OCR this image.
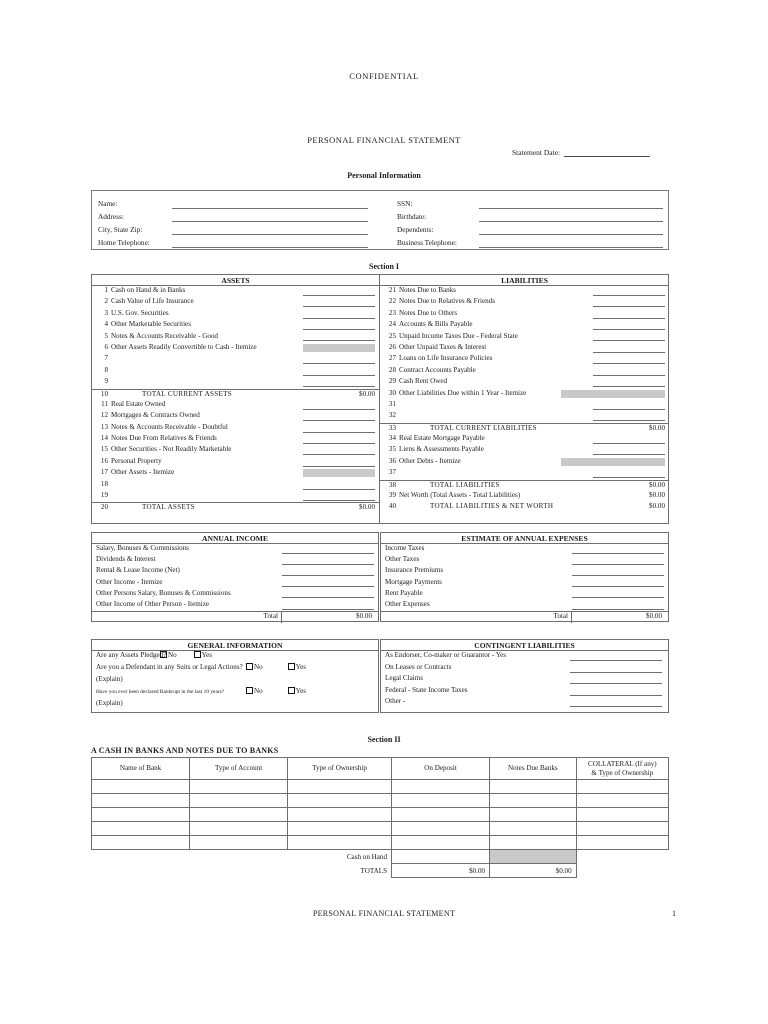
CONFIDENTIAL
PERSONAL FINANCIAL STATEMENT
Statement Date:
Personal Information
Name:
Address:
City, State Zip:
Home Telephone:
SSN:
Birthdate:
Dependents:
Business Telephone:
Section I
ASSETS	LIABILITIES
1 Cash on Hand & in Banks
2 Cash Value of Life Insurance
3 U.S. Gov. Securities
4 Other Marketable Securities
5 Notes & Accounts Receivable - Good
6 Other Assets Readily Convertible to Cash - Itemize
7
8
9
10	TOTAL CURRENT ASSETS	$0.00
11 Real Estate Owned
12 Mortgages & Contracts Owned
13 Notes & Accounts Receivable - Doubtful
14 Notes Due From Relatives & Friends
15 Other Securities - Not Readily Marketable
16 Personal Property
17 Other Assets - Itemize
18
19
20	TOTAL ASSETS	$0.00
21 Notes Due to Banks
22 Notes Due to Relatives & Friends
23 Notes Due to Others
24 Accounts & Bills Payable
25 Unpaid Income Taxes Due - Federal State
26 Other Unpaid Taxes & Interest
27 Loans on Life Insurance Policies
28 Contract Accounts Payable
29 Cash Rent Owed
30 Other Liabilities Due within 1 Year - Itemize
31
32
33	TOTAL CURRENT LIABILITIES	$0.00
34 Real Estate Mortgage Payable
35 Liens & Assessments Payable
36 Other Debts - Itemize
37
38	TOTAL LIABILITIES	$0.00
39 Net Worth (Total Assets - Total Liabilities)	$0.00
40	TOTAL LIABILITIES & NET WORTH	$0.00
ANNUAL INCOME
Salary, Bonuses & Commissions
Dividends & Interest
Rental & Lease Income (Net)
Other Income - Itemize
Other Persons Salary, Bonuses & Commissions
Other Income of Other Person - Itemize
Total	$0.00
ESTIMATE OF ANNUAL EXPENSES
Income Taxes
Other Taxes
Insurance Premiums
Mortgage Payments
Rent Payable
Other Expenses
Total	$0.00
GENERAL INFORMATION
Are any Assets Pledged? No	Yes
Are you a Defendant in any Suits or Legal Actions?	No	Yes
(Explain)
Have you ever been declared Bankrupt in the last 10 years?	No	Yes
(Explain)
CONTINGENT LIABILITIES
As Endorser, Co-maker or Guarantor - Yes
On Leases or Contracts
Legal Claims
Federal - State Income Taxes
Other -
Section II
A CASH IN BANKS AND NOTES DUE TO BANKS
Name of Bank	Type of Account	Type of Ownership	On Deposit	Notes Due Banks	COLLATERAL (If any)
& Type of Ownership

Cash on Hand					
TOTALS			$0.00	$0.00	
PERSONAL FINANCIAL STATEMENT	1
